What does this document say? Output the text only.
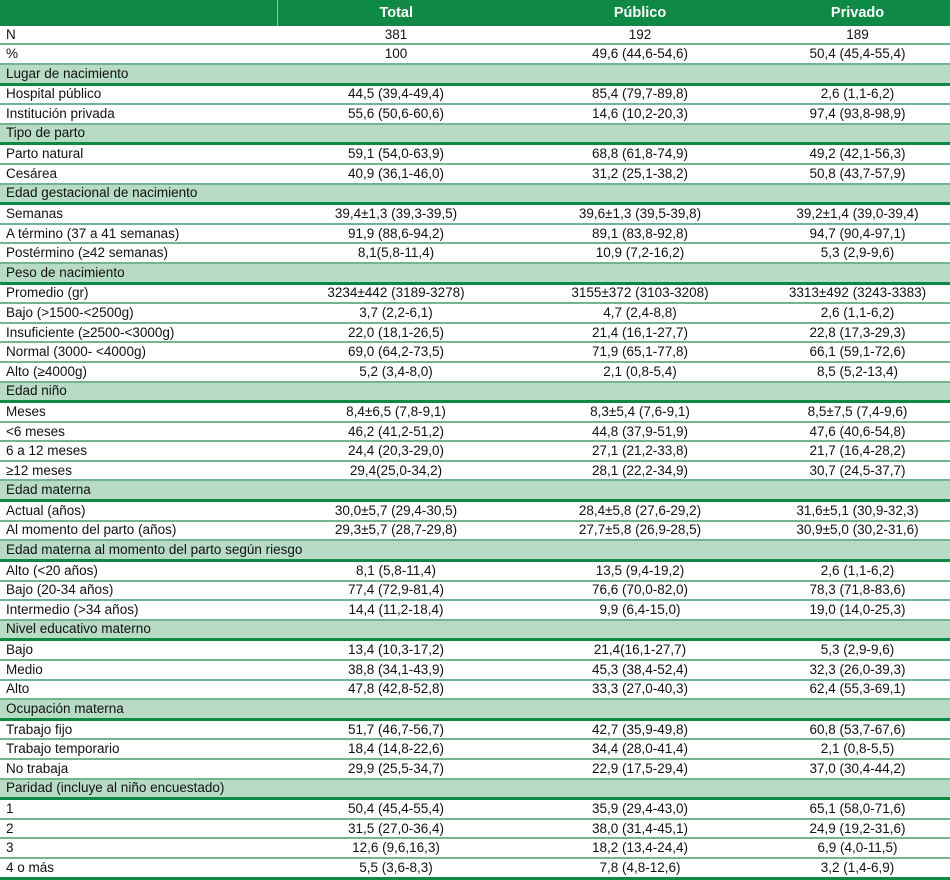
	Total	Público	Privado
N	381	192	189
%	100	49,6 (44,6-54,6)	50,4 (45,4-55,4)
Lugar de nacimiento			
Hospital público	44,5 (39,4-49,4)	85,4 (79,7-89,8)	2,6 (1,1-6,2)
Institución privada	55,6 (50,6-60,6)	14,6 (10,2-20,3)	97,4 (93,8-98,9)
Tipo de parto			
Parto natural	59,1 (54,0-63,9)	68,8 (61,8-74,9)	49,2 (42,1-56,3)
Cesárea	40,9 (36,1-46,0)	31,2 (25,1-38,2)	50,8 (43,7-57,9)
Edad gestacional de nacimiento			
Semanas	39,4±1,3 (39,3-39,5)	39,6±1,3 (39,5-39,8)	39,2±1,4 (39,0-39,4)
A término (37 a 41 semanas)	91,9 (88,6-94,2)	89,1 (83,8-92,8)	94,7 (90,4-97,1)
Postérmino (≥42 semanas)	8,1(5,8-11,4)	10,9 (7,2-16,2)	5,3 (2,9-9,6)
Peso de nacimiento			
Promedio (gr)	3234±442 (3189-3278)	3155±372 (3103-3208)	3313±492 (3243-3383)
Bajo (>1500-<2500g)	3,7 (2,2-6,1)	4,7 (2,4-8,8)	2,6 (1,1-6,2)
Insuficiente (≥2500-<3000g)	22,0 (18,1-26,5)	21,4 (16,1-27,7)	22,8 (17,3-29,3)
Normal (3000- <4000g)	69,0 (64,2-73,5)	71,9 (65,1-77,8)	66,1 (59,1-72,6)
Alto (≥4000g)	5,2 (3,4-8,0)	2,1 (0,8-5,4)	8,5 (5,2-13,4)
Edad niño			
Meses	8,4±6,5 (7,8-9,1)	8,3±5,4 (7,6-9,1)	8,5±7,5 (7,4-9,6)
<6 meses	46,2 (41,2-51,2)	44,8 (37,9-51,9)	47,6 (40,6-54,8)
6 a 12 meses	24,4 (20,3-29,0)	27,1 (21,2-33,8)	21,7 (16,4-28,2)
≥12 meses	29,4(25,0-34,2)	28,1 (22,2-34,9)	30,7 (24,5-37,7)
Edad materna			
Actual (años)	30,0±5,7 (29,4-30,5)	28,4±5,8 (27,6-29,2)	31,6±5,1 (30,9-32,3)
Al momento del parto (años)	29,3±5,7 (28,7-29,8)	27,7±5,8 (26,9-28,5)	30,9±5,0 (30,2-31,6)
Edad materna al momento del parto según riesgo			
Alto (<20 años)	8,1 (5,8-11,4)	13,5 (9,4-19,2)	2,6 (1,1-6,2)
Bajo (20-34 años)	77,4 (72,9-81,4)	76,6 (70,0-82,0)	78,3 (71,8-83,6)
Intermedio (>34 años)	14,4 (11,2-18,4)	9,9 (6,4-15,0)	19,0 (14,0-25,3)
Nivel educativo materno			
Bajo	13,4 (10,3-17,2)	21,4(16,1-27,7)	5,3 (2,9-9,6)
Medio	38,8 (34,1-43,9)	45,3 (38,4-52,4)	32,3 (26,0-39,3)
Alto	47,8 (42,8-52,8)	33,3 (27,0-40,3)	62,4 (55,3-69,1)
Ocupación materna			
Trabajo fijo	51,7 (46,7-56,7)	42,7 (35,9-49,8)	60,8 (53,7-67,6)
Trabajo temporario	18,4 (14,8-22,6)	34,4 (28,0-41,4)	2,1 (0,8-5,5)
No trabaja	29,9 (25,5-34,7)	22,9 (17,5-29,4)	37,0 (30,4-44,2)
Paridad (incluye al niño encuestado)			
1	50,4 (45,4-55,4)	35,9 (29,4-43,0)	65,1 (58,0-71,6)
2	31,5 (27,0-36,4)	38,0 (31,4-45,1)	24,9 (19,2-31,6)
3	12,6 (9,6,16,3)	18,2 (13,4-24,4)	6,9 (4,0-11,5)
4 o más	5,5 (3,6-8,3)	7,8 (4,8-12,6)	3,2 (1,4-6,9)
